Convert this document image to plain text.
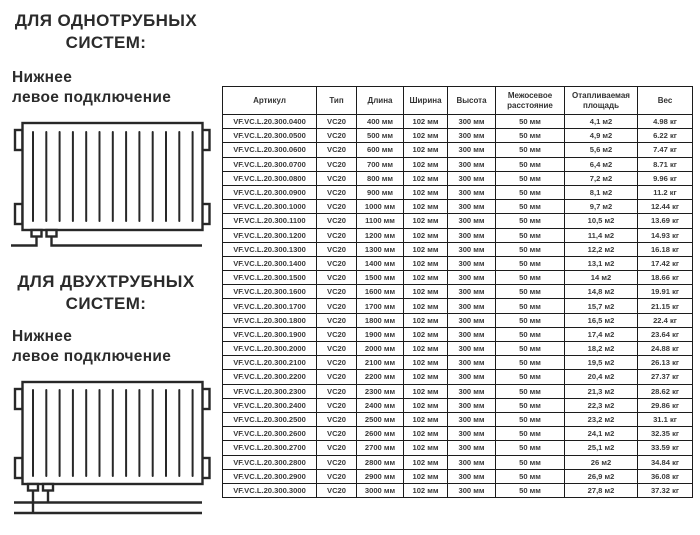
ДЛЯ ОДНОТРУБНЫХ
СИСТЕМ:
Нижнее
левое подключение
ДЛЯ ДВУХТРУБНЫХ
СИСТЕМ:
Нижнее
левое подключение
Артикул	Тип	Длина	Ширина	Высота	Межосевое расстояние	Отапливаемая площадь	Вес
VF.VC.L.20.300.0400	VC20	400 мм	102 мм	300 мм	50 мм	4,1 м2	4.98 кг
VF.VC.L.20.300.0500	VC20	500 мм	102 мм	300 мм	50 мм	4,9 м2	6.22 кг
VF.VC.L.20.300.0600	VC20	600 мм	102 мм	300 мм	50 мм	5,6 м2	7.47 кг
VF.VC.L.20.300.0700	VC20	700 мм	102 мм	300 мм	50 мм	6,4 м2	8.71 кг
VF.VC.L.20.300.0800	VC20	800 мм	102 мм	300 мм	50 мм	7,2 м2	9.96 кг
VF.VC.L.20.300.0900	VC20	900 мм	102 мм	300 мм	50 мм	8,1 м2	11.2 кг
VF.VC.L.20.300.1000	VC20	1000 мм	102 мм	300 мм	50 мм	9,7 м2	12.44 кг
VF.VC.L.20.300.1100	VC20	1100 мм	102 мм	300 мм	50 мм	10,5 м2	13.69 кг
VF.VC.L.20.300.1200	VC20	1200 мм	102 мм	300 мм	50 мм	11,4 м2	14.93 кг
VF.VC.L.20.300.1300	VC20	1300 мм	102 мм	300 мм	50 мм	12,2 м2	16.18 кг
VF.VC.L.20.300.1400	VC20	1400 мм	102 мм	300 мм	50 мм	13,1 м2	17.42 кг
VF.VC.L.20.300.1500	VC20	1500 мм	102 мм	300 мм	50 мм	14 м2	18.66 кг
VF.VC.L.20.300.1600	VC20	1600 мм	102 мм	300 мм	50 мм	14,8 м2	19.91 кг
VF.VC.L.20.300.1700	VC20	1700 мм	102 мм	300 мм	50 мм	15,7 м2	21.15 кг
VF.VC.L.20.300.1800	VC20	1800 мм	102 мм	300 мм	50 мм	16,5 м2	22.4 кг
VF.VC.L.20.300.1900	VC20	1900 мм	102 мм	300 мм	50 мм	17,4 м2	23.64 кг
VF.VC.L.20.300.2000	VC20	2000 мм	102 мм	300 мм	50 мм	18,2 м2	24.88 кг
VF.VC.L.20.300.2100	VC20	2100 мм	102 мм	300 мм	50 мм	19,5 м2	26.13 кг
VF.VC.L.20.300.2200	VC20	2200 мм	102 мм	300 мм	50 мм	20,4 м2	27.37 кг
VF.VC.L.20.300.2300	VC20	2300 мм	102 мм	300 мм	50 мм	21,3 м2	28.62 кг
VF.VC.L.20.300.2400	VC20	2400 мм	102 мм	300 мм	50 мм	22,3 м2	29.86 кг
VF.VC.L.20.300.2500	VC20	2500 мм	102 мм	300 мм	50 мм	23,2 м2	31.1 кг
VF.VC.L.20.300.2600	VC20	2600 мм	102 мм	300 мм	50 мм	24,1 м2	32.35 кг
VF.VC.L.20.300.2700	VC20	2700 мм	102 мм	300 мм	50 мм	25,1 м2	33.59 кг
VF.VC.L.20.300.2800	VC20	2800 мм	102 мм	300 мм	50 мм	26 м2	34.84 кг
VF.VC.L.20.300.2900	VC20	2900 мм	102 мм	300 мм	50 мм	26,9 м2	36.08 кг
VF.VC.L.20.300.3000	VC20	3000 мм	102 мм	300 мм	50 мм	27,8 м2	37.32 кг
